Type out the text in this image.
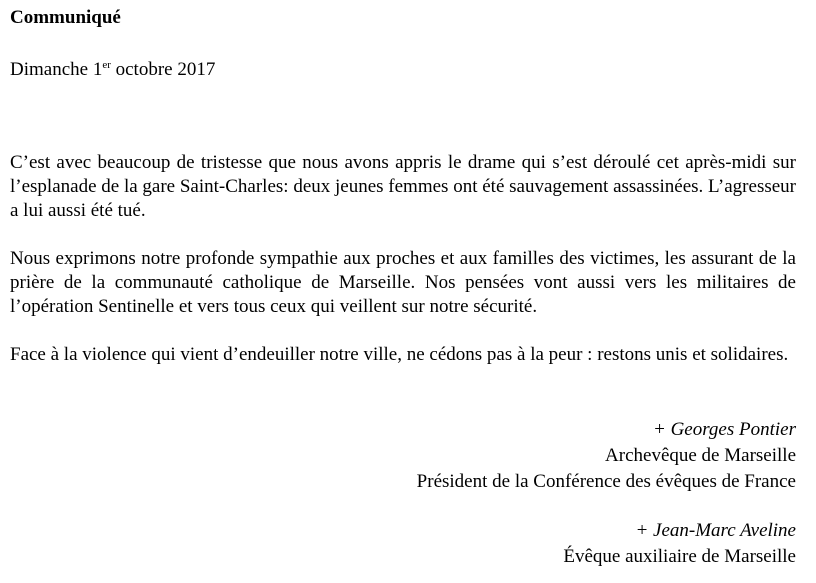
Communiqué
Dimanche 1er octobre 2017

C’est avec beaucoup de tristesse que nous avons appris le drame qui s’est déroulé cet après-midi sur l’esplanade de la gare Saint-Charles: deux jeunes femmes ont été sauvagement assassinées. L’agresseur a lui aussi été tué.

Nous exprimons notre profonde sympathie aux proches et aux familles des victimes, les assurant de la prière de la communauté catholique de Marseille. Nos pensées vont aussi vers les militaires de l’opération Sentinelle et vers tous ceux qui veillent sur notre sécurité.

Face à la violence qui vient d’endeuiller notre ville, ne cédons pas à la peur : restons unis et solidaires.

+ Georges Pontier
Archevêque de Marseille
Président de la Conférence des évêques de France
+ Jean-Marc Aveline
Évêque auxiliaire de Marseille
